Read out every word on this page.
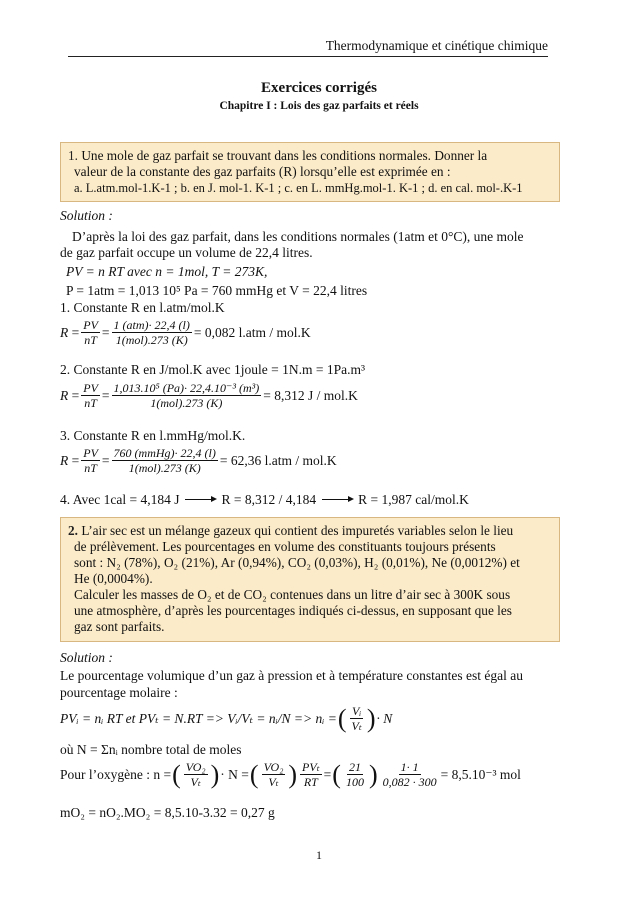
Thermodynamique et cinétique chimique
Exercices corrigés
Chapitre I : Lois des gaz parfaits et réels
1. Une mole de gaz parfait se trouvant dans les conditions normales. Donner la
valeur de la constante des gaz parfaits (R) lorsqu’elle est exprimée en :
a. L.atm.mol-1.K-1 ; b. en J. mol-1. K-1 ; c. en L. mmHg.mol-1. K-1 ; d. en cal. mol-.K-1
Solution :
D’après la loi des gaz parfait, dans les conditions normales (1atm et 0°C), une mole
de gaz parfait occupe un volume de 22,4 litres.
PV = n RT avec n = 1mol, T = 273K,
P = 1atm = 1,013 10⁵ Pa = 760 mmHg et V = 22,4 litres
1. Constante R en l.atm/mol.K
R = PV
nT
= 1 (atm)· 22,4 (l)
1(mol).273 (K)
= 0,082 l.atm / mol.K
2. Constante R en J/mol.K avec 1joule = 1N.m = 1Pa.m³
R = PV
nT
= 1,013.10⁵ (Pa)· 22,4.10⁻³ (m³)
1(mol).273 (K)
= 8,312 J / mol.K
3. Constante R en l.mmHg/mol.K.
R = PV
nT
= 760 (mmHg)· 22,4 (l)
1(mol).273 (K)
= 62,36 l.atm / mol.K
4. Avec 1cal = 4,184 J	R = 8,312 / 4,184	R = 1,987 cal/mol.K
2. L’air sec est un mélange gazeux qui contient des impuretés variables selon le lieu
de prélèvement. Les pourcentages en volume des constituants toujours présents
sont : N₂ (78%), O₂ (21%), Ar (0,94%), CO₂ (0,03%), H₂ (0,01%), Ne (0,0012%) et
He (0,0004%).
Calculer les masses de O₂ et de CO₂ contenues dans un litre d’air sec à 300K sous
une atmosphère, d’après les pourcentages indiqués ci-dessus, en supposant que les
gaz sont parfaits.
Solution :
Le pourcentage volumique d’un gaz à pression et à température constantes est égal au
pourcentage molaire :
PVᵢ = nᵢ RT et PVₜ = N.RT => Vᵢ/Vₜ = nᵢ/N => nᵢ = ( Vᵢ
Vₜ ) · N
où N = Σnᵢ nombre total de moles
Pour l’oxygène : n = ( VO₂
Vₜ ) · N = ( VO₂
Vₜ ) PVₜ
RT
= ( 21
100 ) $\frac{1\cdot 1}{0,082 \cdot 300} = 8,5.10^{-3}$ mol
mO₂ = nO₂.MO₂ = 8,5.10-3.32 = 0,27 g
1
